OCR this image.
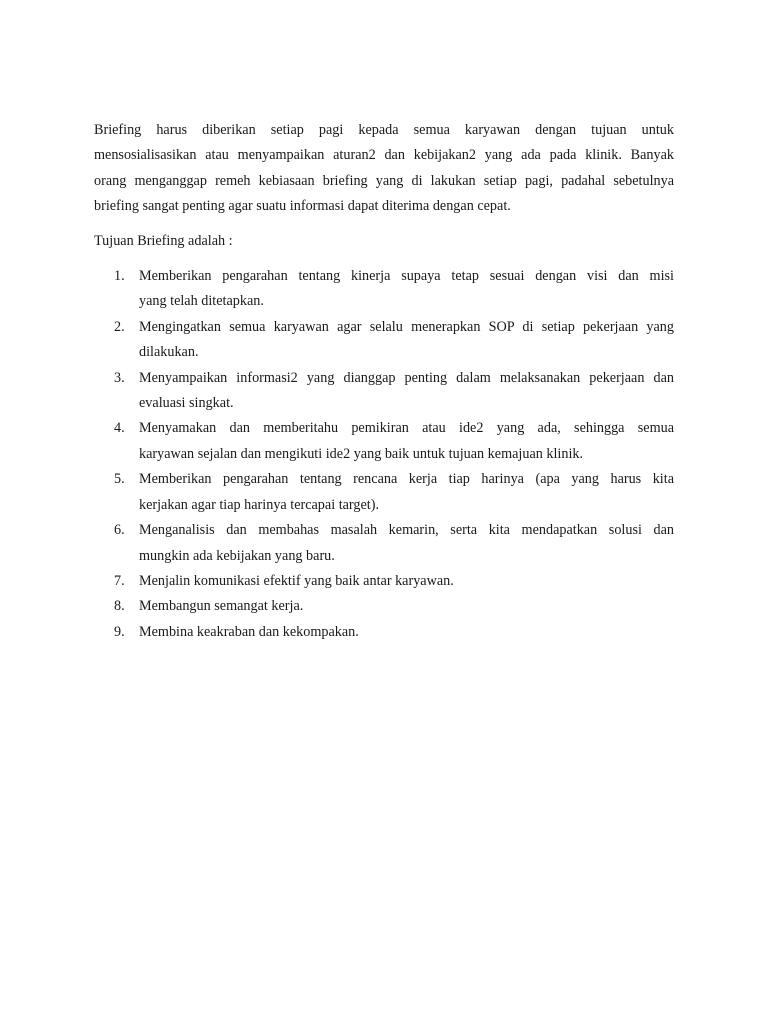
Briefing harus diberikan setiap pagi kepada semua karyawan dengan tujuan untuk
mensosialisasikan atau menyampaikan aturan2 dan kebijakan2 yang ada pada klinik. Banyak
orang menganggap remeh kebiasaan briefing yang di lakukan setiap pagi, padahal sebetulnya
briefing sangat penting agar suatu informasi dapat diterima dengan cepat.

Tujuan Briefing adalah :

1.	Memberikan pengarahan tentang kinerja supaya tetap sesuai dengan visi dan misi
yang telah ditetapkan.
2.	Mengingatkan semua karyawan agar selalu menerapkan SOP di setiap pekerjaan yang
dilakukan.
3.	Menyampaikan informasi2 yang dianggap penting dalam melaksanakan pekerjaan dan
evaluasi singkat.
4.	Menyamakan dan memberitahu pemikiran atau ide2 yang ada, sehingga semua
karyawan sejalan dan mengikuti ide2 yang baik untuk tujuan kemajuan klinik.
5.	Memberikan pengarahan tentang rencana kerja tiap harinya (apa yang harus kita
kerjakan agar tiap harinya tercapai target).
6.	Menganalisis dan membahas masalah kemarin, serta kita mendapatkan solusi dan
mungkin ada kebijakan yang baru.
7.	Menjalin komunikasi efektif yang baik antar karyawan.
8.	Membangun semangat kerja.
9.	Membina keakraban dan kekompakan.
